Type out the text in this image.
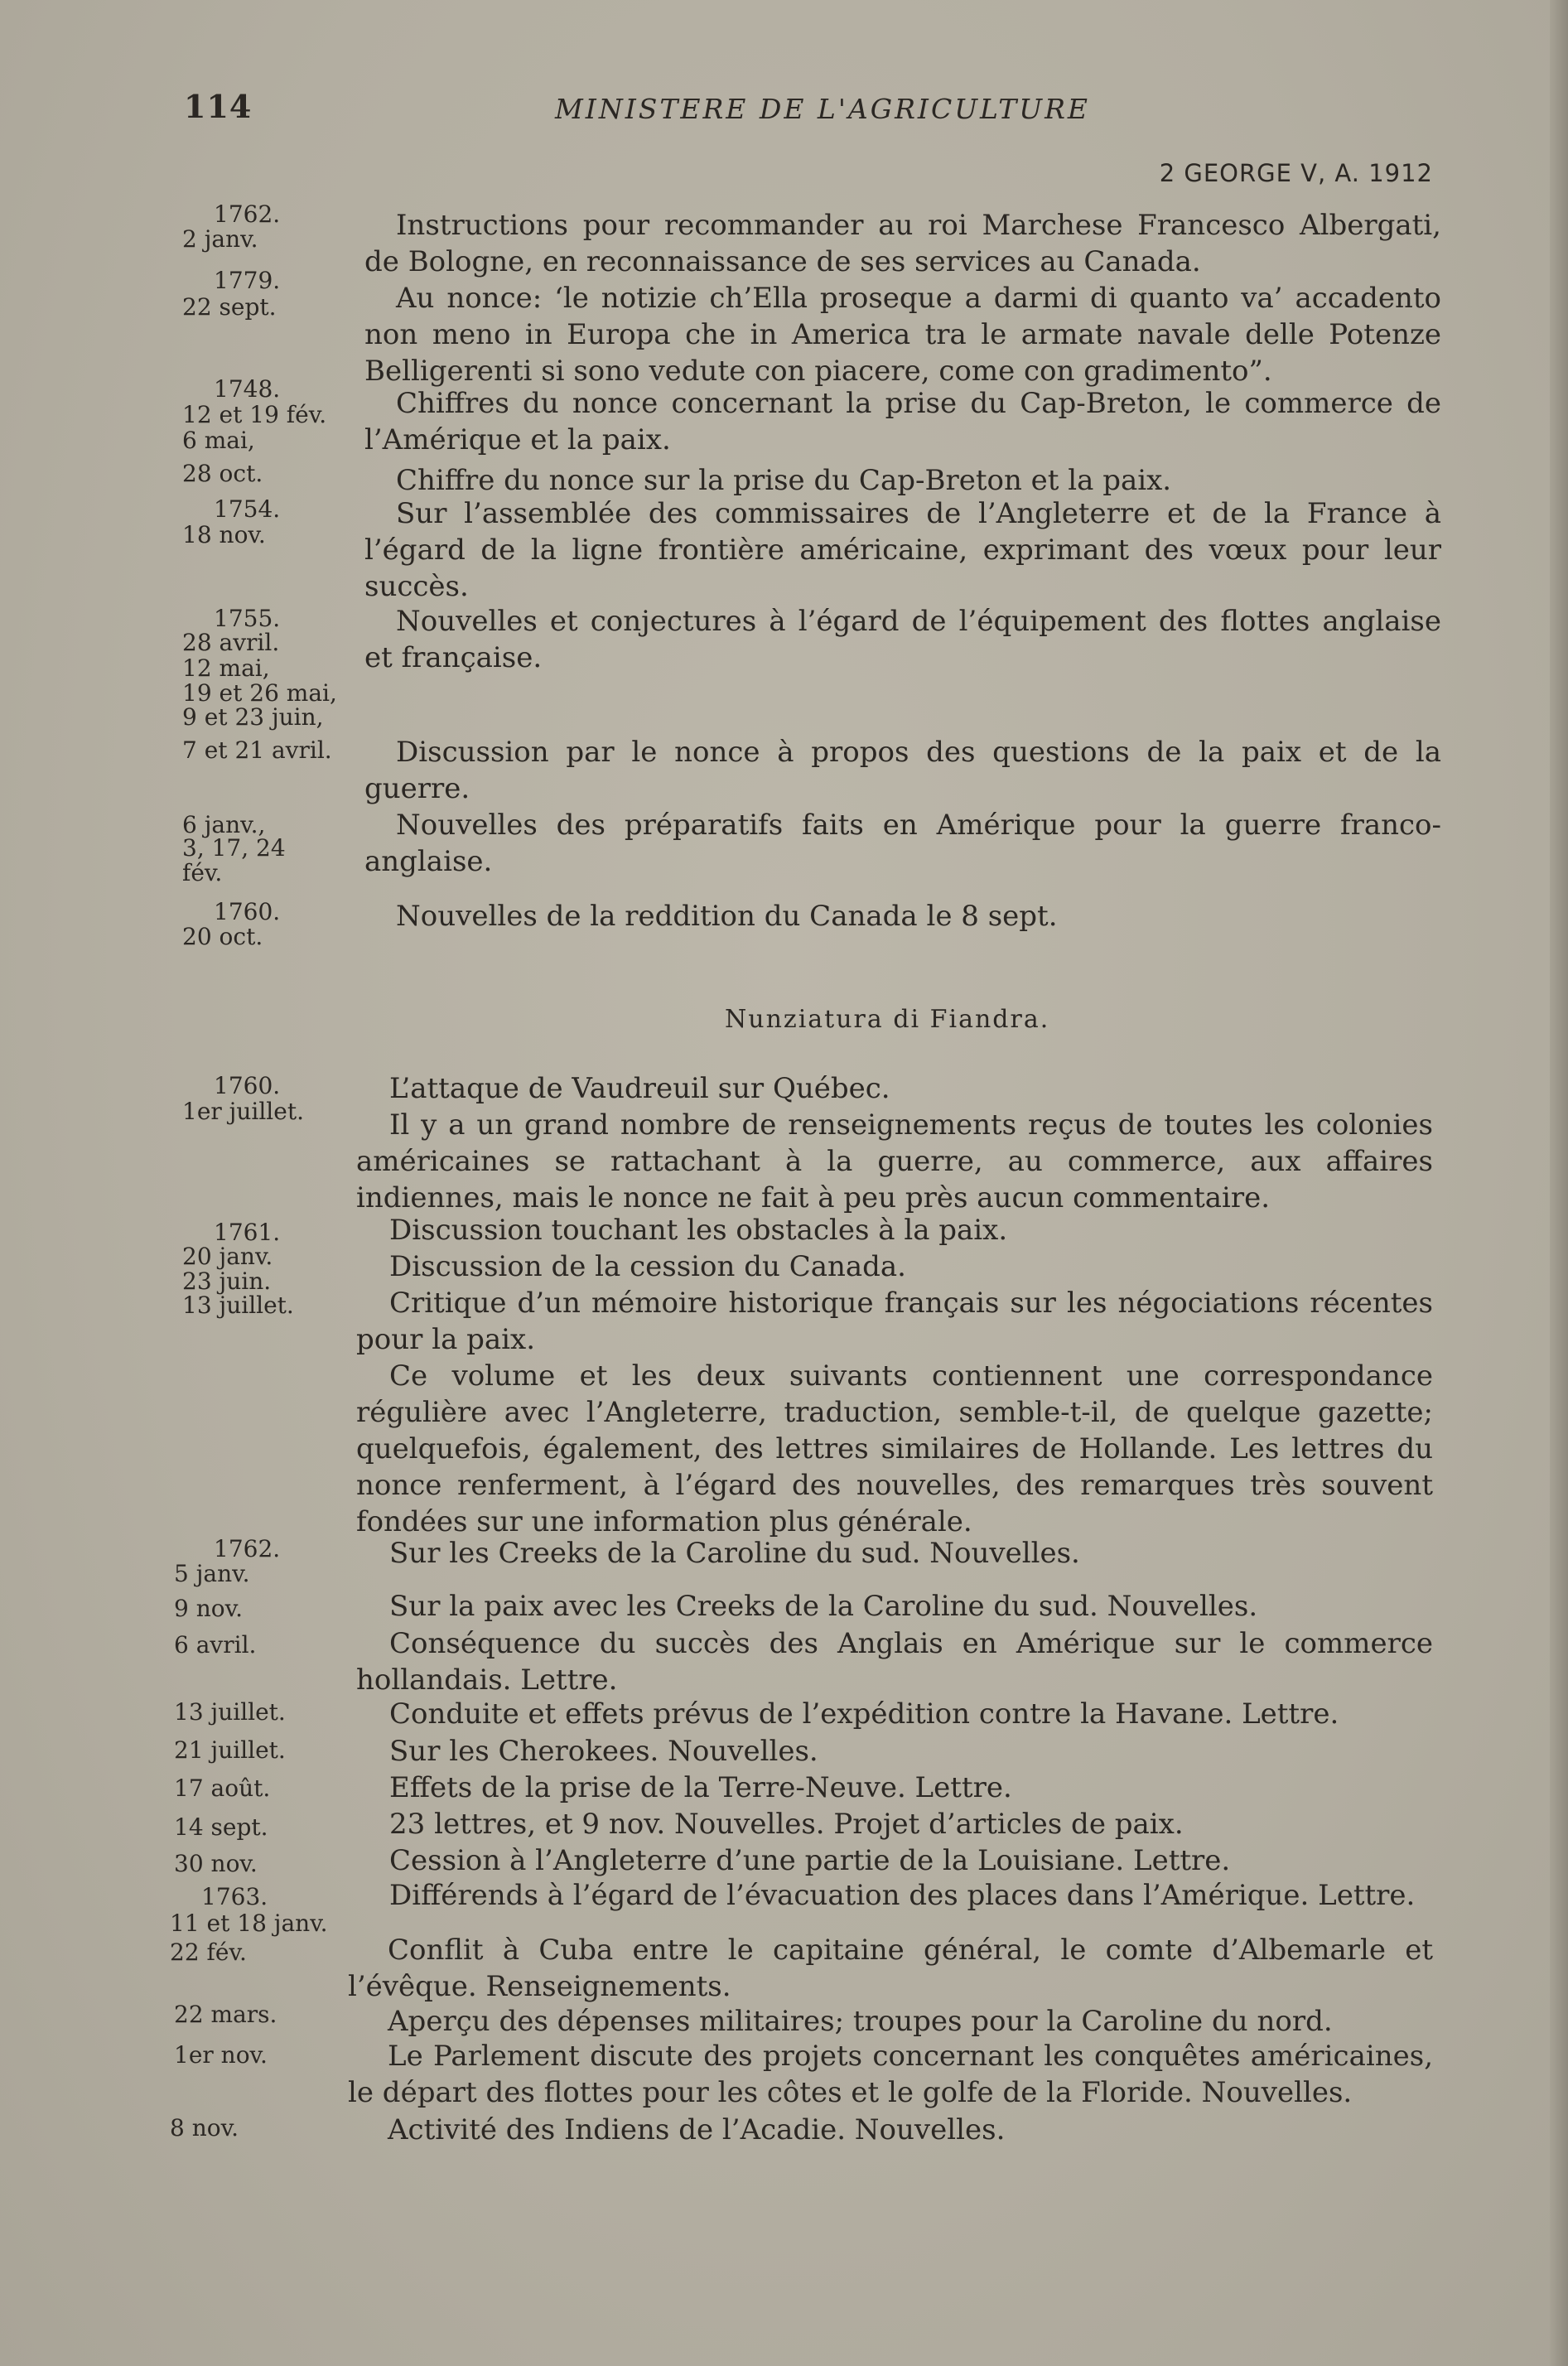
114	MINISTERE DE L'AGRICULTURE
2 GEORGE V, A. 1912
1762.
2 janv.
1779.
22 sept.
1748.
12 et 19 fév.
6 mai,
28 oct.
1754.
18 nov.
1755.
28 avril.
12 mai,
19 et 26 mai,
9 et 23 juin,
7 et 21 avril.
6 janv.,
3, 17, 24
fév.
1760.
20 oct.
1760.
1er juillet.
1761.
20 janv.
23 juin.
13 juillet.
1762.
5 janv.
9 nov.
6 avril.
13 juillet.
21 juillet.
17 août.
14 sept.
30 nov.
1763.
11 et 18 janv.
22 fév.
22 mars.
1er nov.
8 nov.
Instructions pour recommander au roi Marchese Francesco Albergati, de Bologne, en reconnaissance de ses services au Canada.
Au nonce: ‘le notizie ch’Ella proseque a darmi di quanto va’ accadento non meno in Europa che in America tra le armate navale delle Potenze Belligerenti si sono vedute con piacere, come con gradimento”.
Chiffres du nonce concernant la prise du Cap-Breton, le commerce de l’Amérique et la paix.
Chiffre du nonce sur la prise du Cap-Breton et la paix.
Sur l’assemblée des commissaires de l’Angleterre et de la France à l’égard de la ligne frontière américaine, exprimant des vœux pour leur succès.
Nouvelles et conjectures à l’égard de l’équipement des flottes anglaise et française.
Discussion par le nonce à propos des questions de la paix et de la guerre.
Nouvelles des préparatifs faits en Amérique pour la guerre franco-anglaise.
Nouvelles de la reddition du Canada le 8 sept.
Nunziatura di Fiandra.
L’attaque de Vaudreuil sur Québec.
Il y a un grand nombre de renseignements reçus de toutes les colonies américaines se rattachant à la guerre, au commerce, aux affaires indiennes, mais le nonce ne fait à peu près aucun commentaire.
Discussion touchant les obstacles à la paix.
Discussion de la cession du Canada.
Critique d’un mémoire historique français sur les négociations récentes pour la paix.
Ce volume et les deux suivants contiennent une correspondance régulière avec l’Angleterre, traduction, semble-t-il, de quelque gazette; quelquefois, également, des lettres similaires de Hollande. Les lettres du nonce renferment, à l’égard des nouvelles, des remarques très souvent fondées sur une information plus générale.
Sur les Creeks de la Caroline du sud. Nouvelles.
Sur la paix avec les Creeks de la Caroline du sud. Nouvelles.
Conséquence du succès des Anglais en Amérique sur le commerce hollandais. Lettre.
Conduite et effets prévus de l’expédition contre la Havane. Lettre.
Sur les Cherokees. Nouvelles.
Effets de la prise de la Terre-Neuve. Lettre.
23 lettres, et 9 nov. Nouvelles. Projet d’articles de paix.
Cession à l’Angleterre d’une partie de la Louisiane. Lettre.
Différends à l’égard de l’évacuation des places dans l’Amérique. Lettre.
Conflit à Cuba entre le capitaine général, le comte d’Albemarle et l’évêque. Renseignements.
Aperçu des dépenses militaires; troupes pour la Caroline du nord.
Le Parlement discute des projets concernant les conquêtes américaines, le départ des flottes pour les côtes et le golfe de la Floride. Nouvelles.
Activité des Indiens de l’Acadie. Nouvelles.
